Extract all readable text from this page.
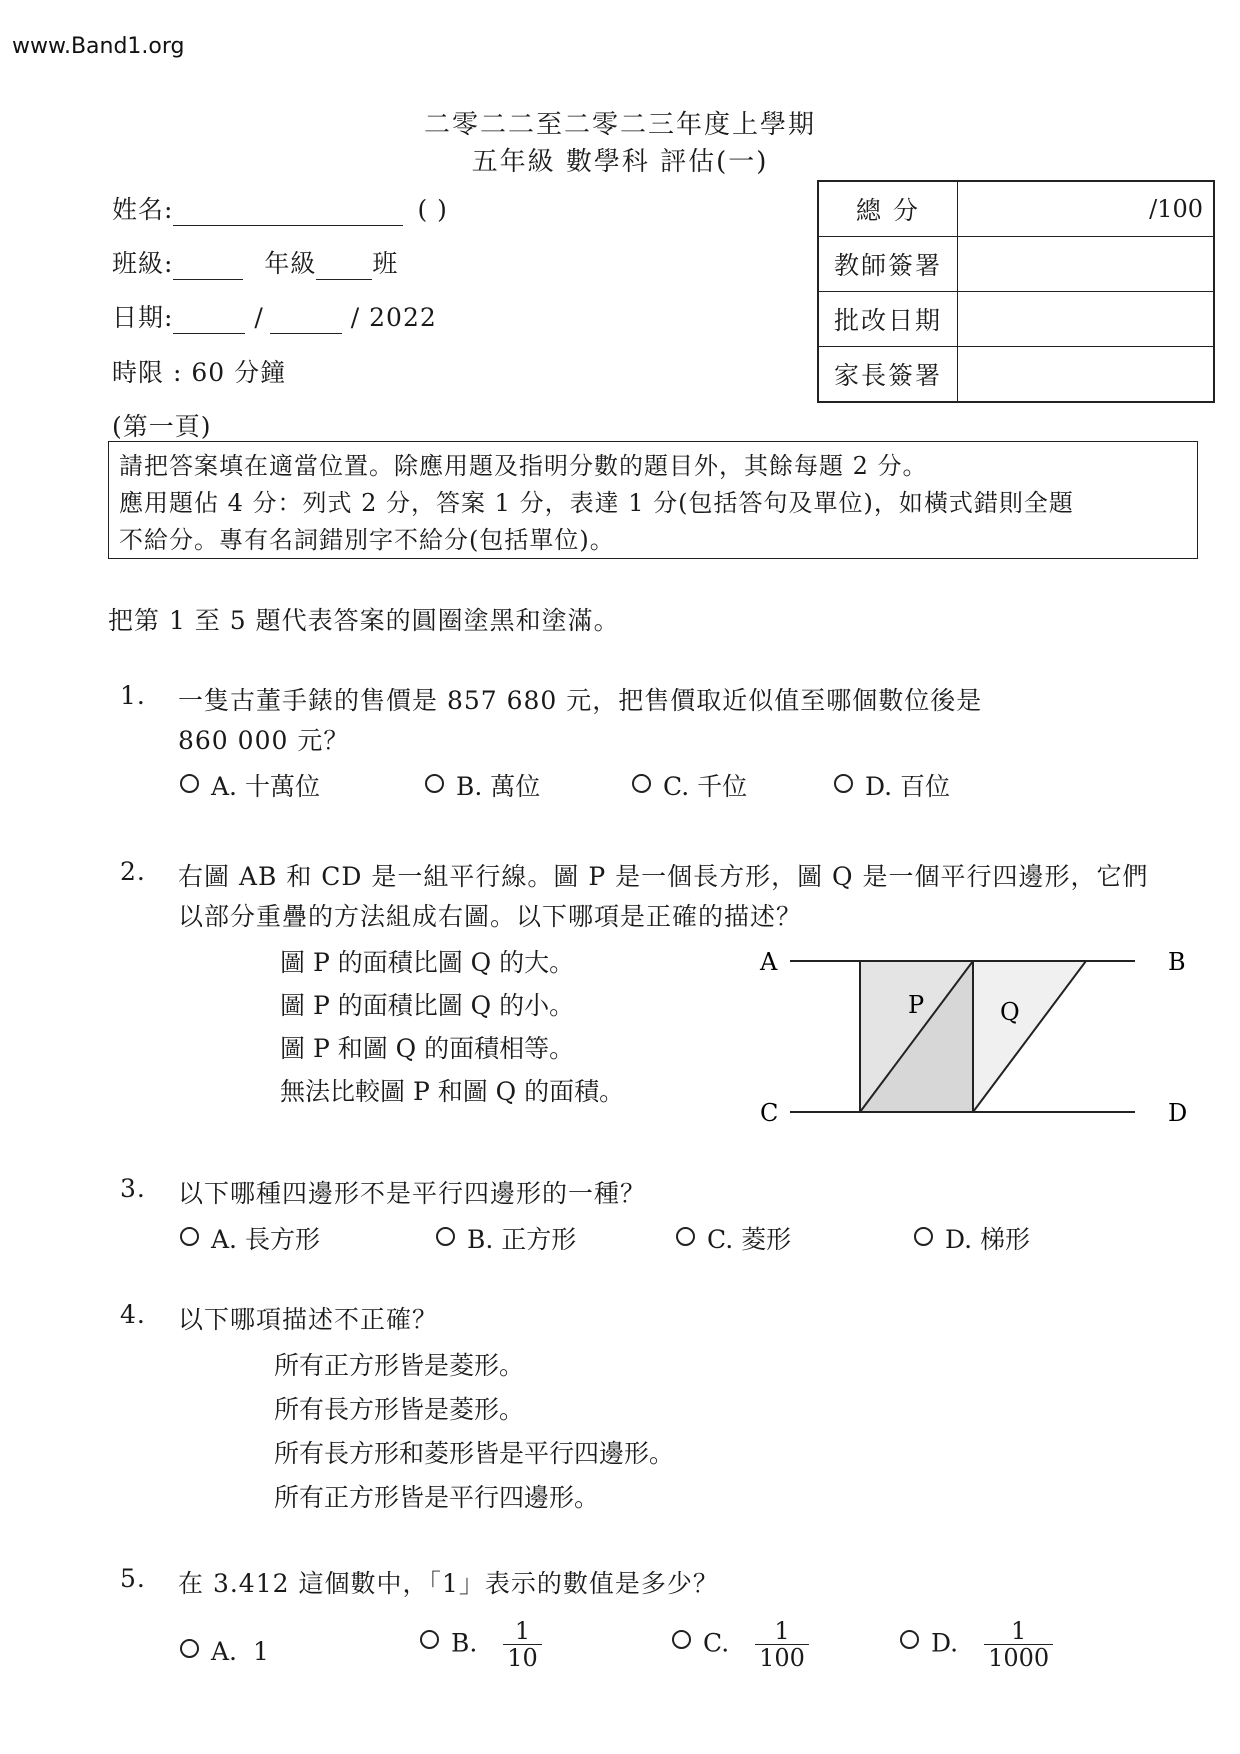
www.Band1.org
二零二二至二零二三年度上學期
五年級 數學科 評估(一)
姓名:	( )
班級:	年級 班
日期:	/	/ 2022
時限 : 60 分鐘
總 分	/100
教師簽署	
批改日期	
家長簽署	
(第一頁)
請把答案填在適當位置。除應用題及指明分數的題目外，其餘每題 2 分。
應用題佔 4 分：列式 2 分，答案 1 分，表達 1 分(包括答句及單位)，如橫式錯則全題
不給分。專有名詞錯別字不給分(包括單位)。
把第 1 至 5 題代表答案的圓圈塗黑和塗滿。
1. 一隻古董手錶的售價是 857 680 元，把售價取近似值至哪個數位後是
860 000 元？
A. 十萬位	B. 萬位	C. 千位	D. 百位
2. 右圖 AB 和 CD 是一組平行線。圖 P 是一個長方形，圖 Q 是一個平行四邊形，它們
以部分重疊的方法組成右圖。以下哪項是正確的描述？
圖 P 的面積比圖 Q 的大。
圖 P 的面積比圖 Q 的小。
圖 P 和圖 Q 的面積相等。
無法比較圖 P 和圖 Q 的面積。
A	B
C	D
P	Q
3. 以下哪種四邊形不是平行四邊形的一種？
A. 長方形	B. 正方形	C. 菱形	D. 梯形
4. 以下哪項描述不正確？
所有正方形皆是菱形。
所有長方形皆是菱形。
所有長方形和菱形皆是平行四邊形。
所有正方形皆是平行四邊形。
5. 在 3.412 這個數中，「1」表示的數值是多少？
A. 1	B. $\frac{1}{10}$	C. $\frac{1}{100}$	D. $\frac{1}{1000}$
